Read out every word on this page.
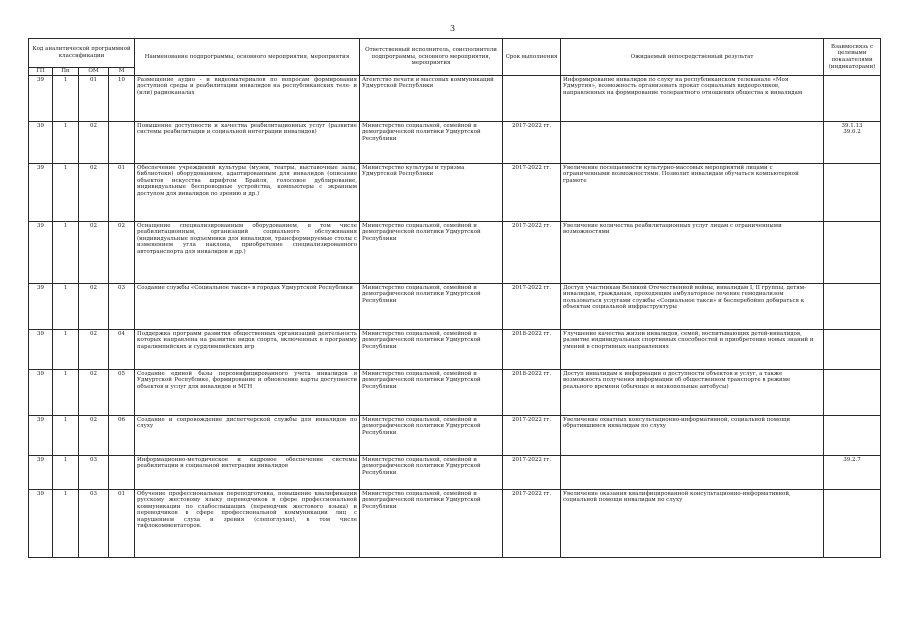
3
Код аналитической программной классификации				Наименование подпрограммы, основного мероприятия, мероприятия	Ответственный исполнитель, соисполнители подпрограммы, основного мероприятия, мероприятия	Срок выполнения	Ожидаемый непосредственный результат	Взаимосвязь с целевыми показателями (индикаторами)
ГП	Пп	ОМ	М					
39	1	01	10	Размещение аудио - и видеоматериалов по вопросам формирования доступной среды и реабилитации инвалидов на республиканских теле- и (или) радиоканалах	Агентство печати и массовых коммуникаций Удмуртской Республики		Информирование инвалидов по слуху на республиканском телеканале «Моя Удмуртия», возможность организовать прокат социальных видеороликов, направленных на формирование толерантного отношения общества к инвалидам	
39	1	02		Повышение доступности и качества реабилитационных услуг (развитие системы реабилитации и социальной интеграции инвалидов)	Министерство социальной, семейной и демографической политики Удмуртской Республики	2017-2022 гг.		39.1.13
39.0.2
39	1	02	01	Обеспечение учреждений культуры (музеи, театры, выставочные залы, библиотеки) оборудованием, адаптированным для инвалидов (описание объектов искусства шрифтом Брайля, голосовое дублирование, индивидуальные беспроводные устройства, компьютеры с экранным доступом для инвалидов по зрению и др.)	Министерство культуры и туризма Удмуртской Республики	2017-2022 гг.	Увеличение посещаемости культурно-массовых мероприятий лицами с ограниченными возможностями. Позволит инвалидам обучаться компьютерной грамоте	
39	1	02	02	Оснащение специализированным оборудованием, в том числе реабилитационным, организаций социального обслуживания (индивидуальные подъемники для инвалидов, трансформируемые столы с изменением угла наклона, приобретение специализированного автотранспорта для инвалидов и др.)	Министерство социальной, семейной и демографической политики Удмуртской Республики	2017-2022 гг.	Увеличение количества реабилитационных услуг лицам с ограниченными возможностями	
39	1	02	03	Создание службы «Социальное такси» в городах Удмуртской Республики	Министерство социальной, семейной и демографической политики Удмуртской Республики	2017-2022 гг.	Доступ участникам Великой Отечественной войны, инвалидам I, II группы, детям-инвалидам, гражданам, проходящим амбулаторное лечение гемодиализом пользоваться услугами службы «Социальное такси» и бесперебойно добираться к объектам социальной инфраструктуры	
39	1	02	04	Поддержка программ развития общественных организаций деятельность которых направлена на развитие видов спорта, включенных в программу паралимпийских и сурдлимпийских игр	Министерство социальной, семейной и демографической политики Удмуртской Республики	2018-2022 гг.	Улучшение качества жизни инвалидов, семей, воспитывающих детей-инвалидов, развитие индивидуальных спортивных способностей и приобретение новых знаний и умений в спортивных направлениях	
39	1	02	05	Создание единой базы персонифицированного учета инвалидов в Удмуртской Республике, формирование и обновление карты доступности объектов и услуг для инвалидов и МГН	Министерство социальной, семейной и демографической политики Удмуртской Республики	2018-2022 гг.	Доступ инвалидам к информации о доступности объектов и услуг, а также возможность получения информации об общественном транспорте в режиме реального времени (обычные и низкопольные автобусы)	
39	1	02	06	Создание и сопровождение диспетчерской службы для инвалидов по слуху	Министерство социальной, семейной и демографической политики Удмуртской Республики	2017-2022 гг.	Увеличение охватных консультационно-информативной, социальной помощи обратившимся инвалидам по слуху	
39	1	03		Информационно-методическое и кадровое обеспечение системы реабилитации и социальной интеграции инвалидов	Министерство социальной, семейной и демографической политики Удмуртской Республики	2017-2022 гг.		39.2.7
39	1	03	01	Обучение профессиональная переподготовка, повышение квалификации русскому жестовому языку переводчиков в сфере профессиональной коммуникации по слабослышащих (переводчик жестового языка) и переводчиков в сфере профессиональной коммуникации лиц с нарушением слуха и зрения (слепоглухих), в том числе тифлокомментаторов.	Министерство социальной, семейной и демографической политики Удмуртской Республики	2017-2022 гг.	Увеличение оказания квалифицированной консультационно-информативной, социальной помощи инвалидам по слуху	
